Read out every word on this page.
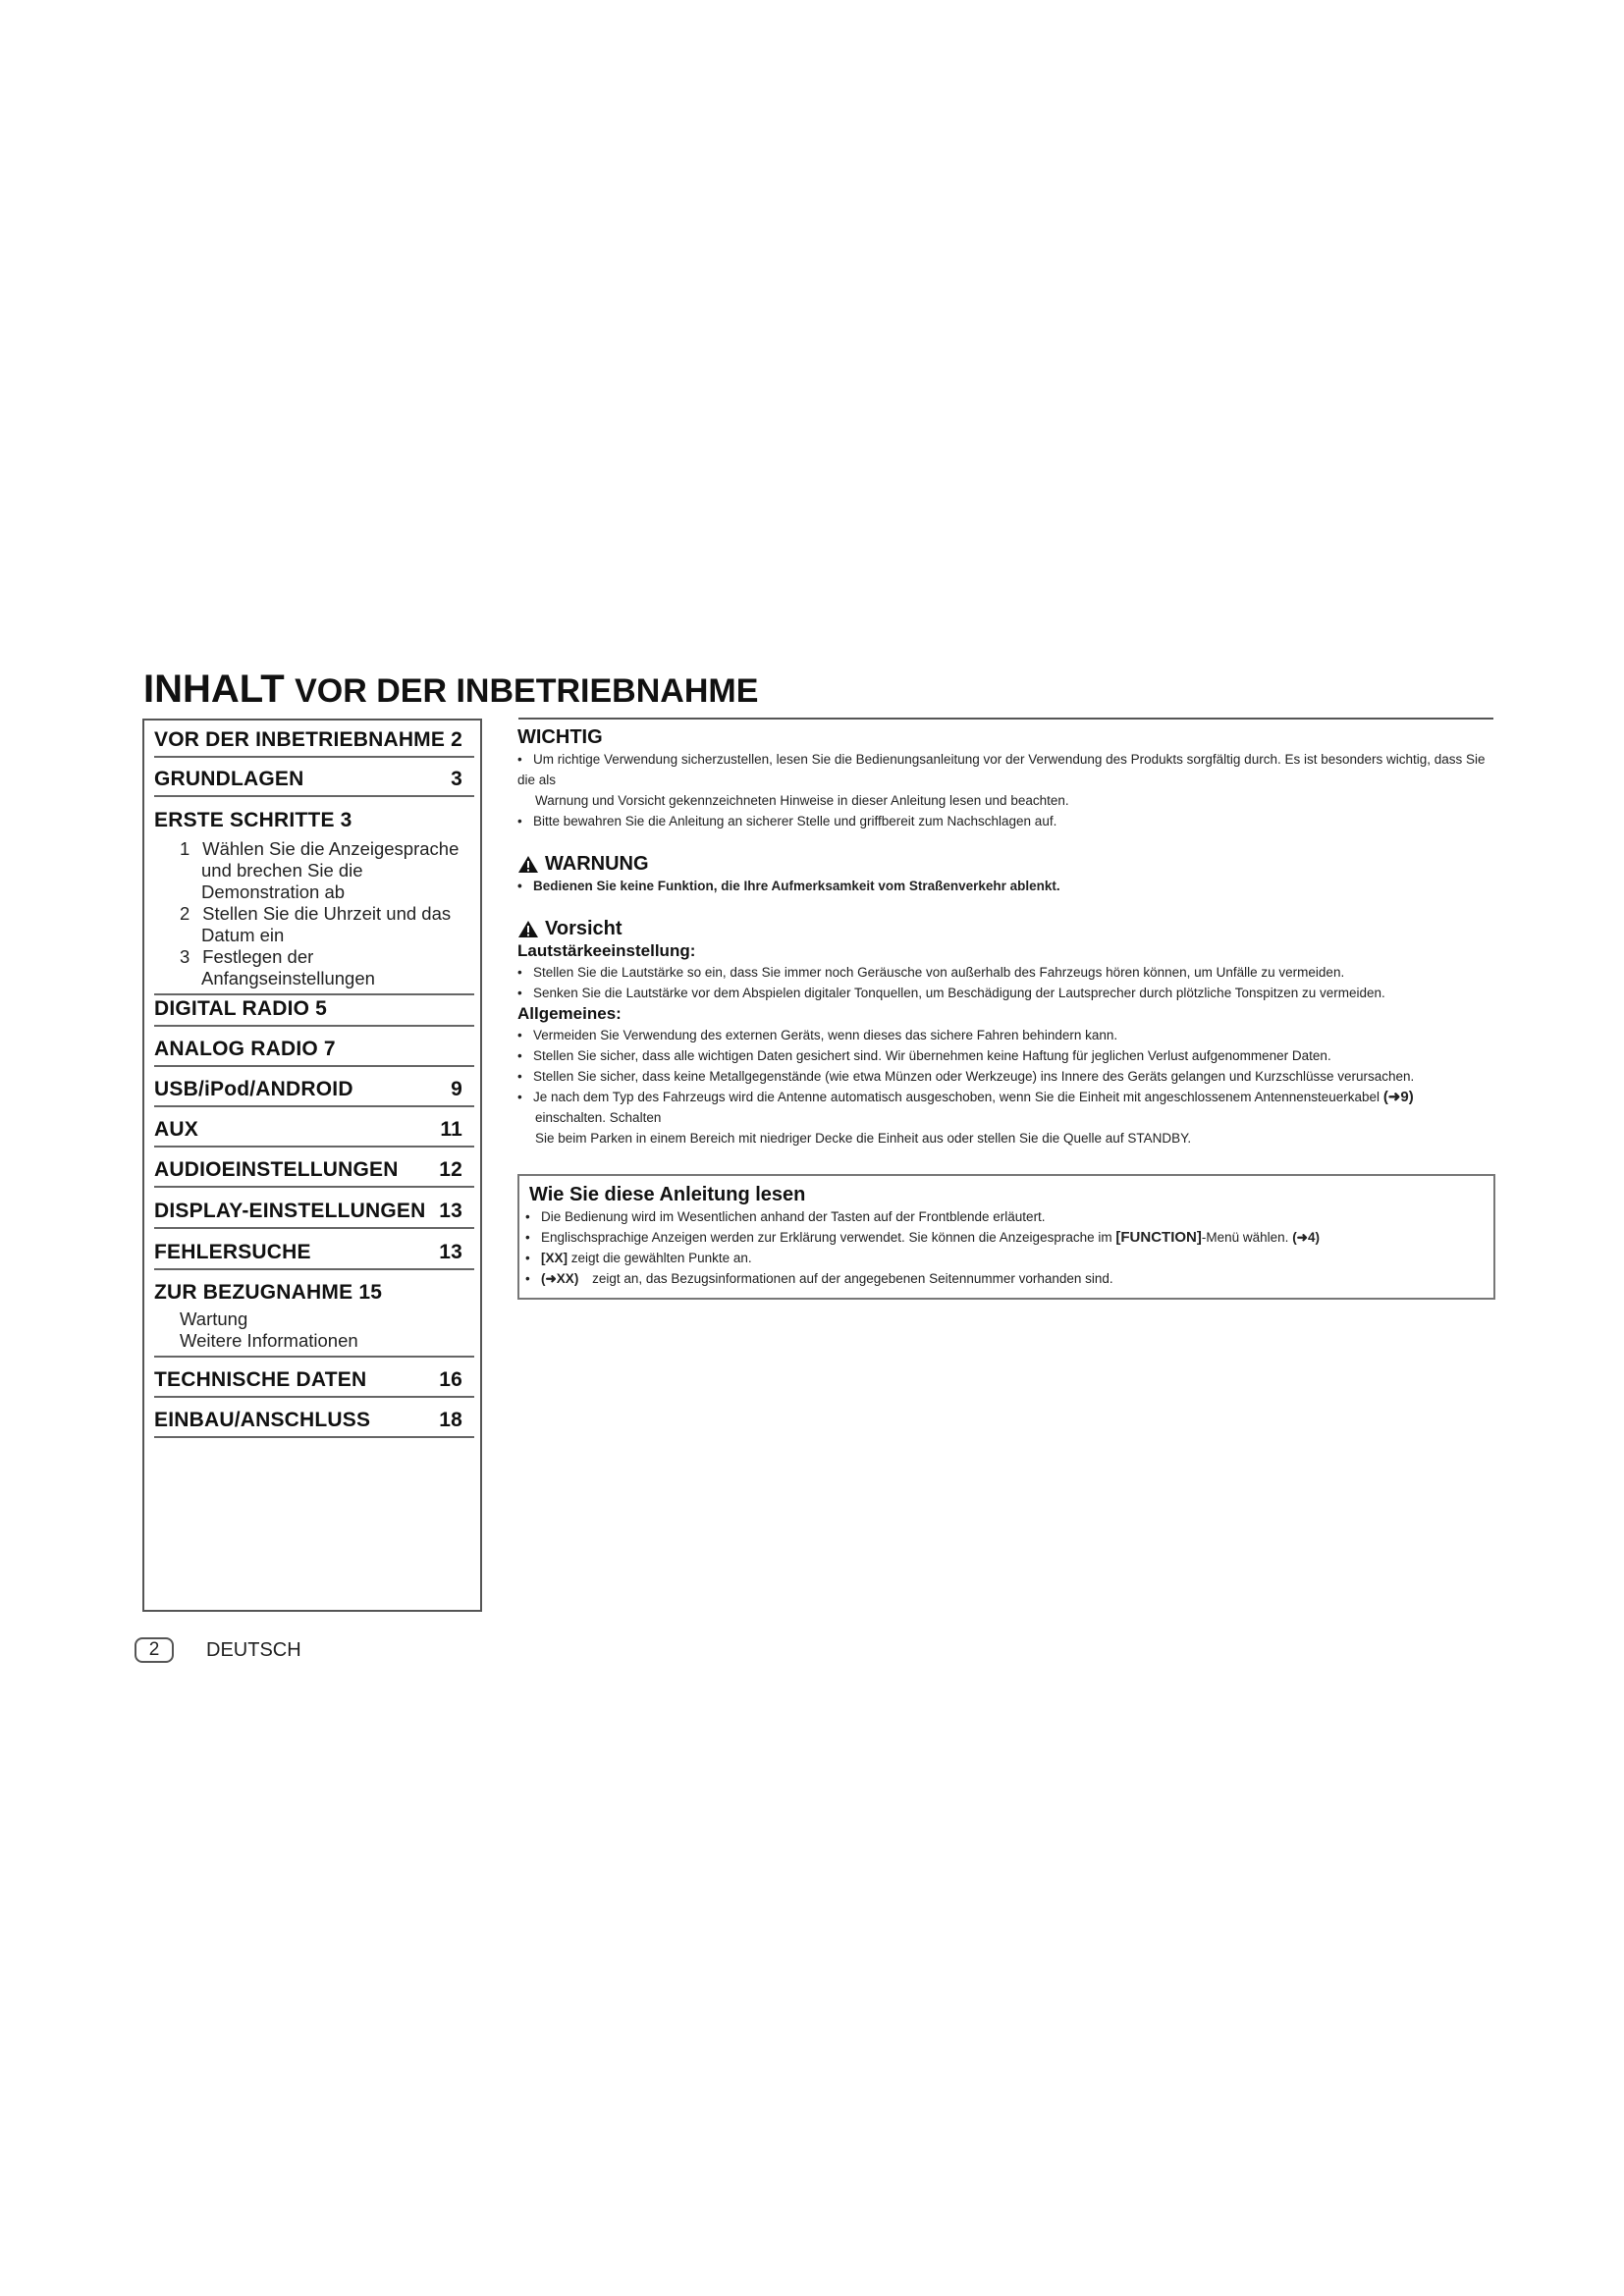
INHALT VOR DER INBETRIEBNAHME
VOR DER INBETRIEBNAHME 2
GRUNDLAGEN	3
ERSTE SCHRITTE 3
1 Wählen Sie die Anzeigesprache
und brechen Sie die
Demonstration ab
2 Stellen Sie die Uhrzeit und das
Datum ein
3 Festlegen der
Anfangseinstellungen
DIGITAL RADIO 5
ANALOG RADIO 7
USB/iPod/ANDROID	9
AUX	11
AUDIOEINSTELLUNGEN 12
DISPLAY-EINSTELLUNGEN 13
FEHLERSUCHE	13
ZUR BEZUGNAHME 15
Wartung
Weitere Informationen
TECHNISCHE DATEN	16
EINBAU/ANSCHLUSS	18
WICHTIG
• Um richtige Verwendung sicherzustellen, lesen Sie die Bedienungsanleitung vor der Verwendung des Produkts sorgfältig durch. Es ist besonders wichtig, dass Sie die als
Warnung und Vorsicht gekennzeichneten Hinweise in dieser Anleitung lesen und beachten.
• Bitte bewahren Sie die Anleitung an sicherer Stelle und griffbereit zum Nachschlagen auf.
WARNUNG
• Bedienen Sie keine Funktion, die Ihre Aufmerksamkeit vom Straßenverkehr ablenkt.
Vorsicht
Lautstärkeeinstellung:
• Stellen Sie die Lautstärke so ein, dass Sie immer noch Geräusche von außerhalb des Fahrzeugs hören können, um Unfälle zu vermeiden.
• Senken Sie die Lautstärke vor dem Abspielen digitaler Tonquellen, um Beschädigung der Lautsprecher durch plötzliche Tonspitzen zu vermeiden.
Allgemeines:
• Vermeiden Sie Verwendung des externen Geräts, wenn dieses das sichere Fahren behindern kann.
• Stellen Sie sicher, dass alle wichtigen Daten gesichert sind. Wir übernehmen keine Haftung für jeglichen Verlust aufgenommener Daten.
• Stellen Sie sicher, dass keine Metallgegenstände (wie etwa Münzen oder Werkzeuge) ins Innere des Geräts gelangen und Kurzschlüsse verursachen.
• Je nach dem Typ des Fahrzeugs wird die Antenne automatisch ausgeschoben, wenn Sie die Einheit mit angeschlossenem Antennensteuerkabel (➜9) einschalten. Schalten
Sie beim Parken in einem Bereich mit niedriger Decke die Einheit aus oder stellen Sie die Quelle auf STANDBY.
Wie Sie diese Anleitung lesen
• Die Bedienung wird im Wesentlichen anhand der Tasten auf der Frontblende erläutert.
• Englischsprachige Anzeigen werden zur Erklärung verwendet. Sie können die Anzeigesprache im [FUNCTION]-Menü wählen. (➜4)
• [XX] zeigt die gewählten Punkte an.
• (➜XX) zeigt an, das Bezugsinformationen auf der angegebenen Seitennummer vorhanden sind.
2	DEUTSCH
